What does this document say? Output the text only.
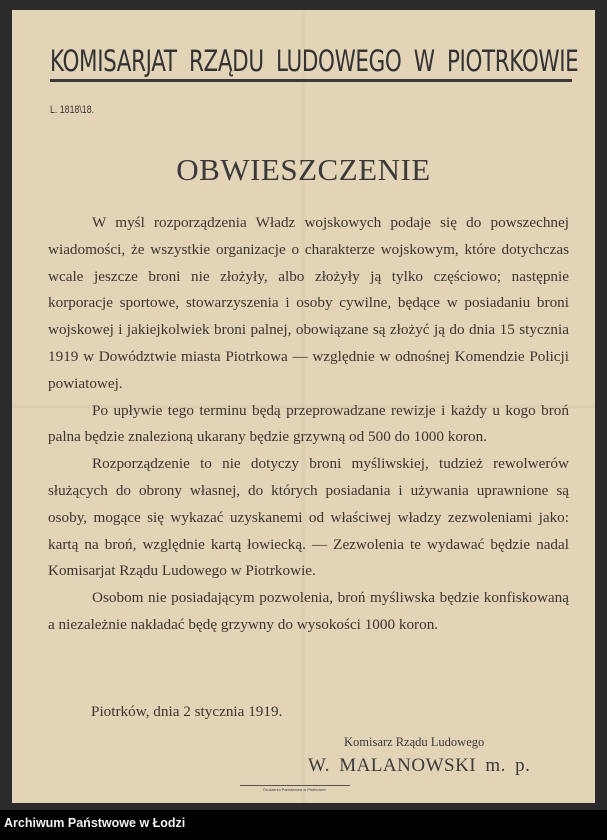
KOMISARJAT RZĄDU LUDOWEGO W PIOTRKOWIE
L. 1818\18.
OBWIESZCZENIE

W myśl rozporządzenia Władz wojskowych podaje się do powszechnej wiadomości, że wszystkie organizacje o charakterze wojskowym, które dotychczas wcale jeszcze broni nie złożyły, albo złożyły ją tylko częściowo; następnie korporacje sportowe, stowarzyszenia i osoby cywilne, będące w posiadaniu broni wojskowej i jakiejkolwiek broni palnej, obowiązane są złożyć ją do dnia 15 stycznia 1919 w Dowództwie miasta Piotrkowa — względnie w odnośnej Komendzie Policji powiatowej.

Po upływie tego terminu będą przeprowadzane rewizje i każdy u kogo broń palna będzie znalezioną ukarany będzie grzywną od 500 do 1000 koron.

Rozporządzenie to nie dotyczy broni myśliwskiej, tudzież rewolwerów służących do obrony własnej, do których posiadania i używania uprawnione są osoby, mogące się wykazać uzyskanemi od właściwej władzy zezwoleniami jako: kartą na broń, względnie kartą łowiecką. — Zezwolenia te wydawać będzie nadal Komisarjat Rządu Ludowego w Piotrkowie.

Osobom nie posiadającym pozwolenia, broń myśliwska będzie konfiskowaną a niezależnie nakładać będę grzywny do wysokości 1000 koron.

Piotrków, dnia 2 stycznia 1919.
Komisarz Rządu Ludowego
W. MALANOWSKI m. p.
Drukarnia Państwowa w Piotrkowie.
Archiwum Państwowe w Łodzi
